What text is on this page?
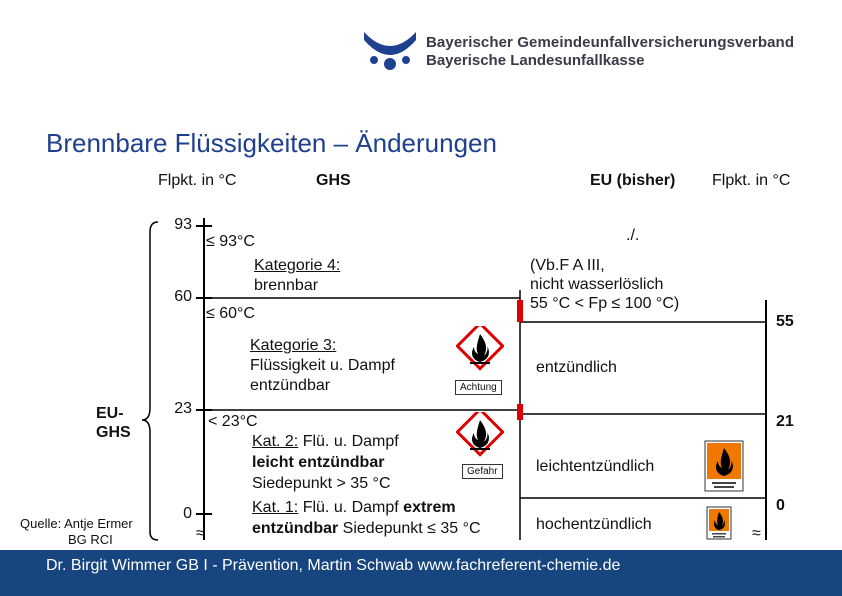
Bayerischer Gemeindeunfallversicherungsverband
Bayerische Landesunfallkasse
Brennbare Flüssigkeiten – Änderungen
Flpkt. in °C	GHS	EU (bisher) Flpkt. in °C
93
60
23
0
≈
55
21
0
≈
EU-
GHS
Quelle: Antje Ermer
BG RCI
≤ 93°C
Kategorie 4:
brennbar
≤ 60°C
Kategorie 3:
Flüssigkeit u. Dampf
entzündbar	Achtung
< 23°C
Kat. 2: Flü. u. Dampf
leicht entzündbar
Siedepunkt > 35 °C
Gefahr
Kat. 1: Flü. u. Dampf extrem
entzündbar Siedepunkt ≤ 35 °C
./.
(Vb.F A III,
nicht wasserlöslich
55 °C < Fp ≤ 100 °C)
entzündlich
leichtentzündlich
hochentzündlich
Dr. Birgit Wimmer GB I - Prävention, Martin Schwab www.fachreferent-chemie.de
